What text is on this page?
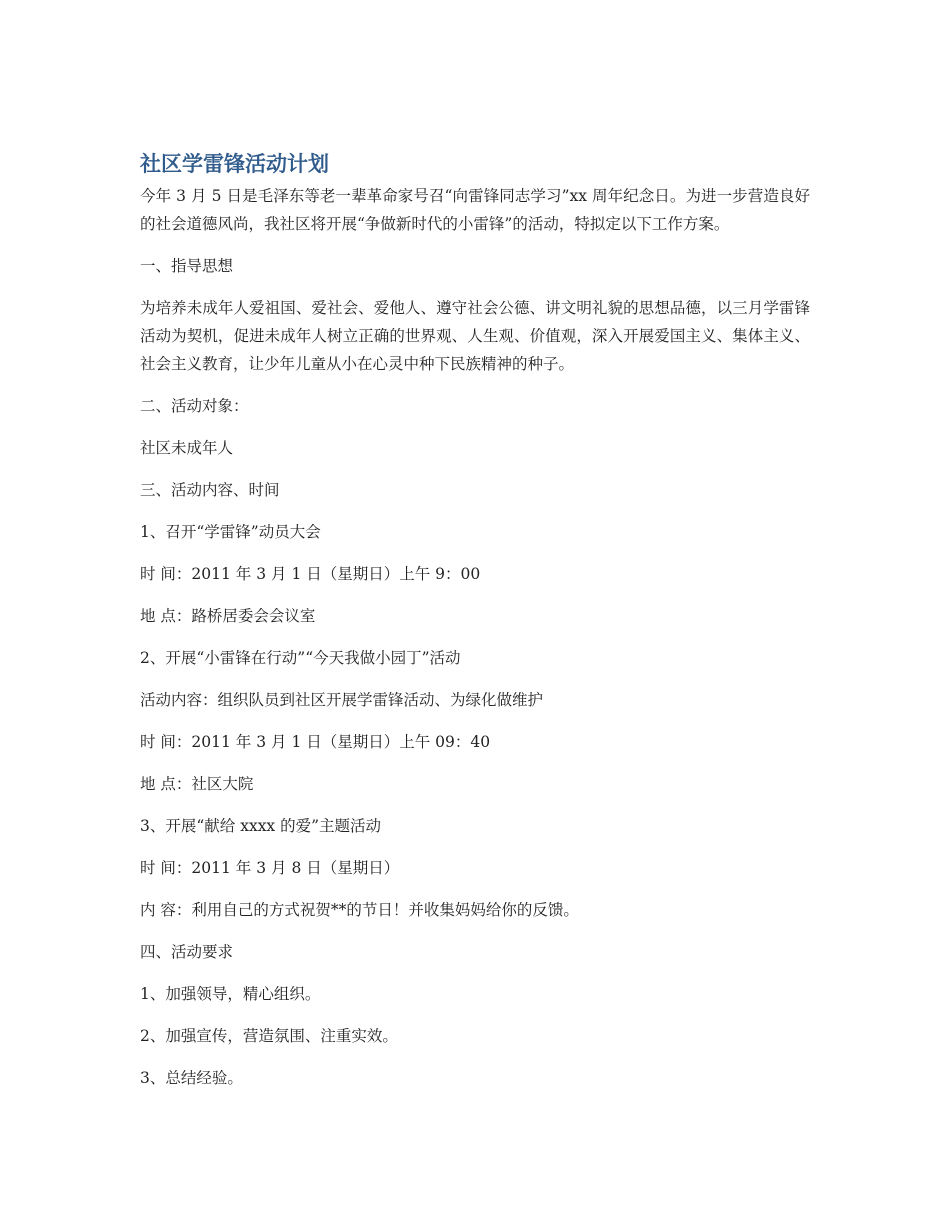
社区学雷锋活动计划

今年 3 月 5 日是毛泽东等老一辈革命家号召“向雷锋同志学习”xx 周年纪念日。为进一步营造良好的社会道德风尚，我社区将开展“争做新时代的小雷锋”的活动，特拟定以下工作方案。

一、指导思想

为培养未成年人爱祖国、爱社会、爱他人、遵守社会公德、讲文明礼貌的思想品德，以三月学雷锋活动为契机，促进未成年人树立正确的世界观、人生观、价值观，深入开展爱国主义、集体主义、社会主义教育，让少年儿童从小在心灵中种下民族精神的种子。

二、活动对象：

社区未成年人

三、活动内容、时间

1、召开“学雷锋”动员大会

时 间：2011 年 3 月 1 日（星期日）上午 9：00

地 点：路桥居委会会议室

2、开展“小雷锋在行动”“今天我做小园丁”活动

活动内容：组织队员到社区开展学雷锋活动、为绿化做维护

时 间：2011 年 3 月 1 日（星期日）上午 09：40

地 点：社区大院

3、开展“献给 xxxx 的爱”主题活动

时 间：2011 年 3 月 8 日（星期日）

内 容：利用自己的方式祝贺**的节日！并收集妈妈给你的反馈。

四、活动要求

1、加强领导，精心组织。

2、加强宣传，营造氛围、注重实效。

3、总结经验。
